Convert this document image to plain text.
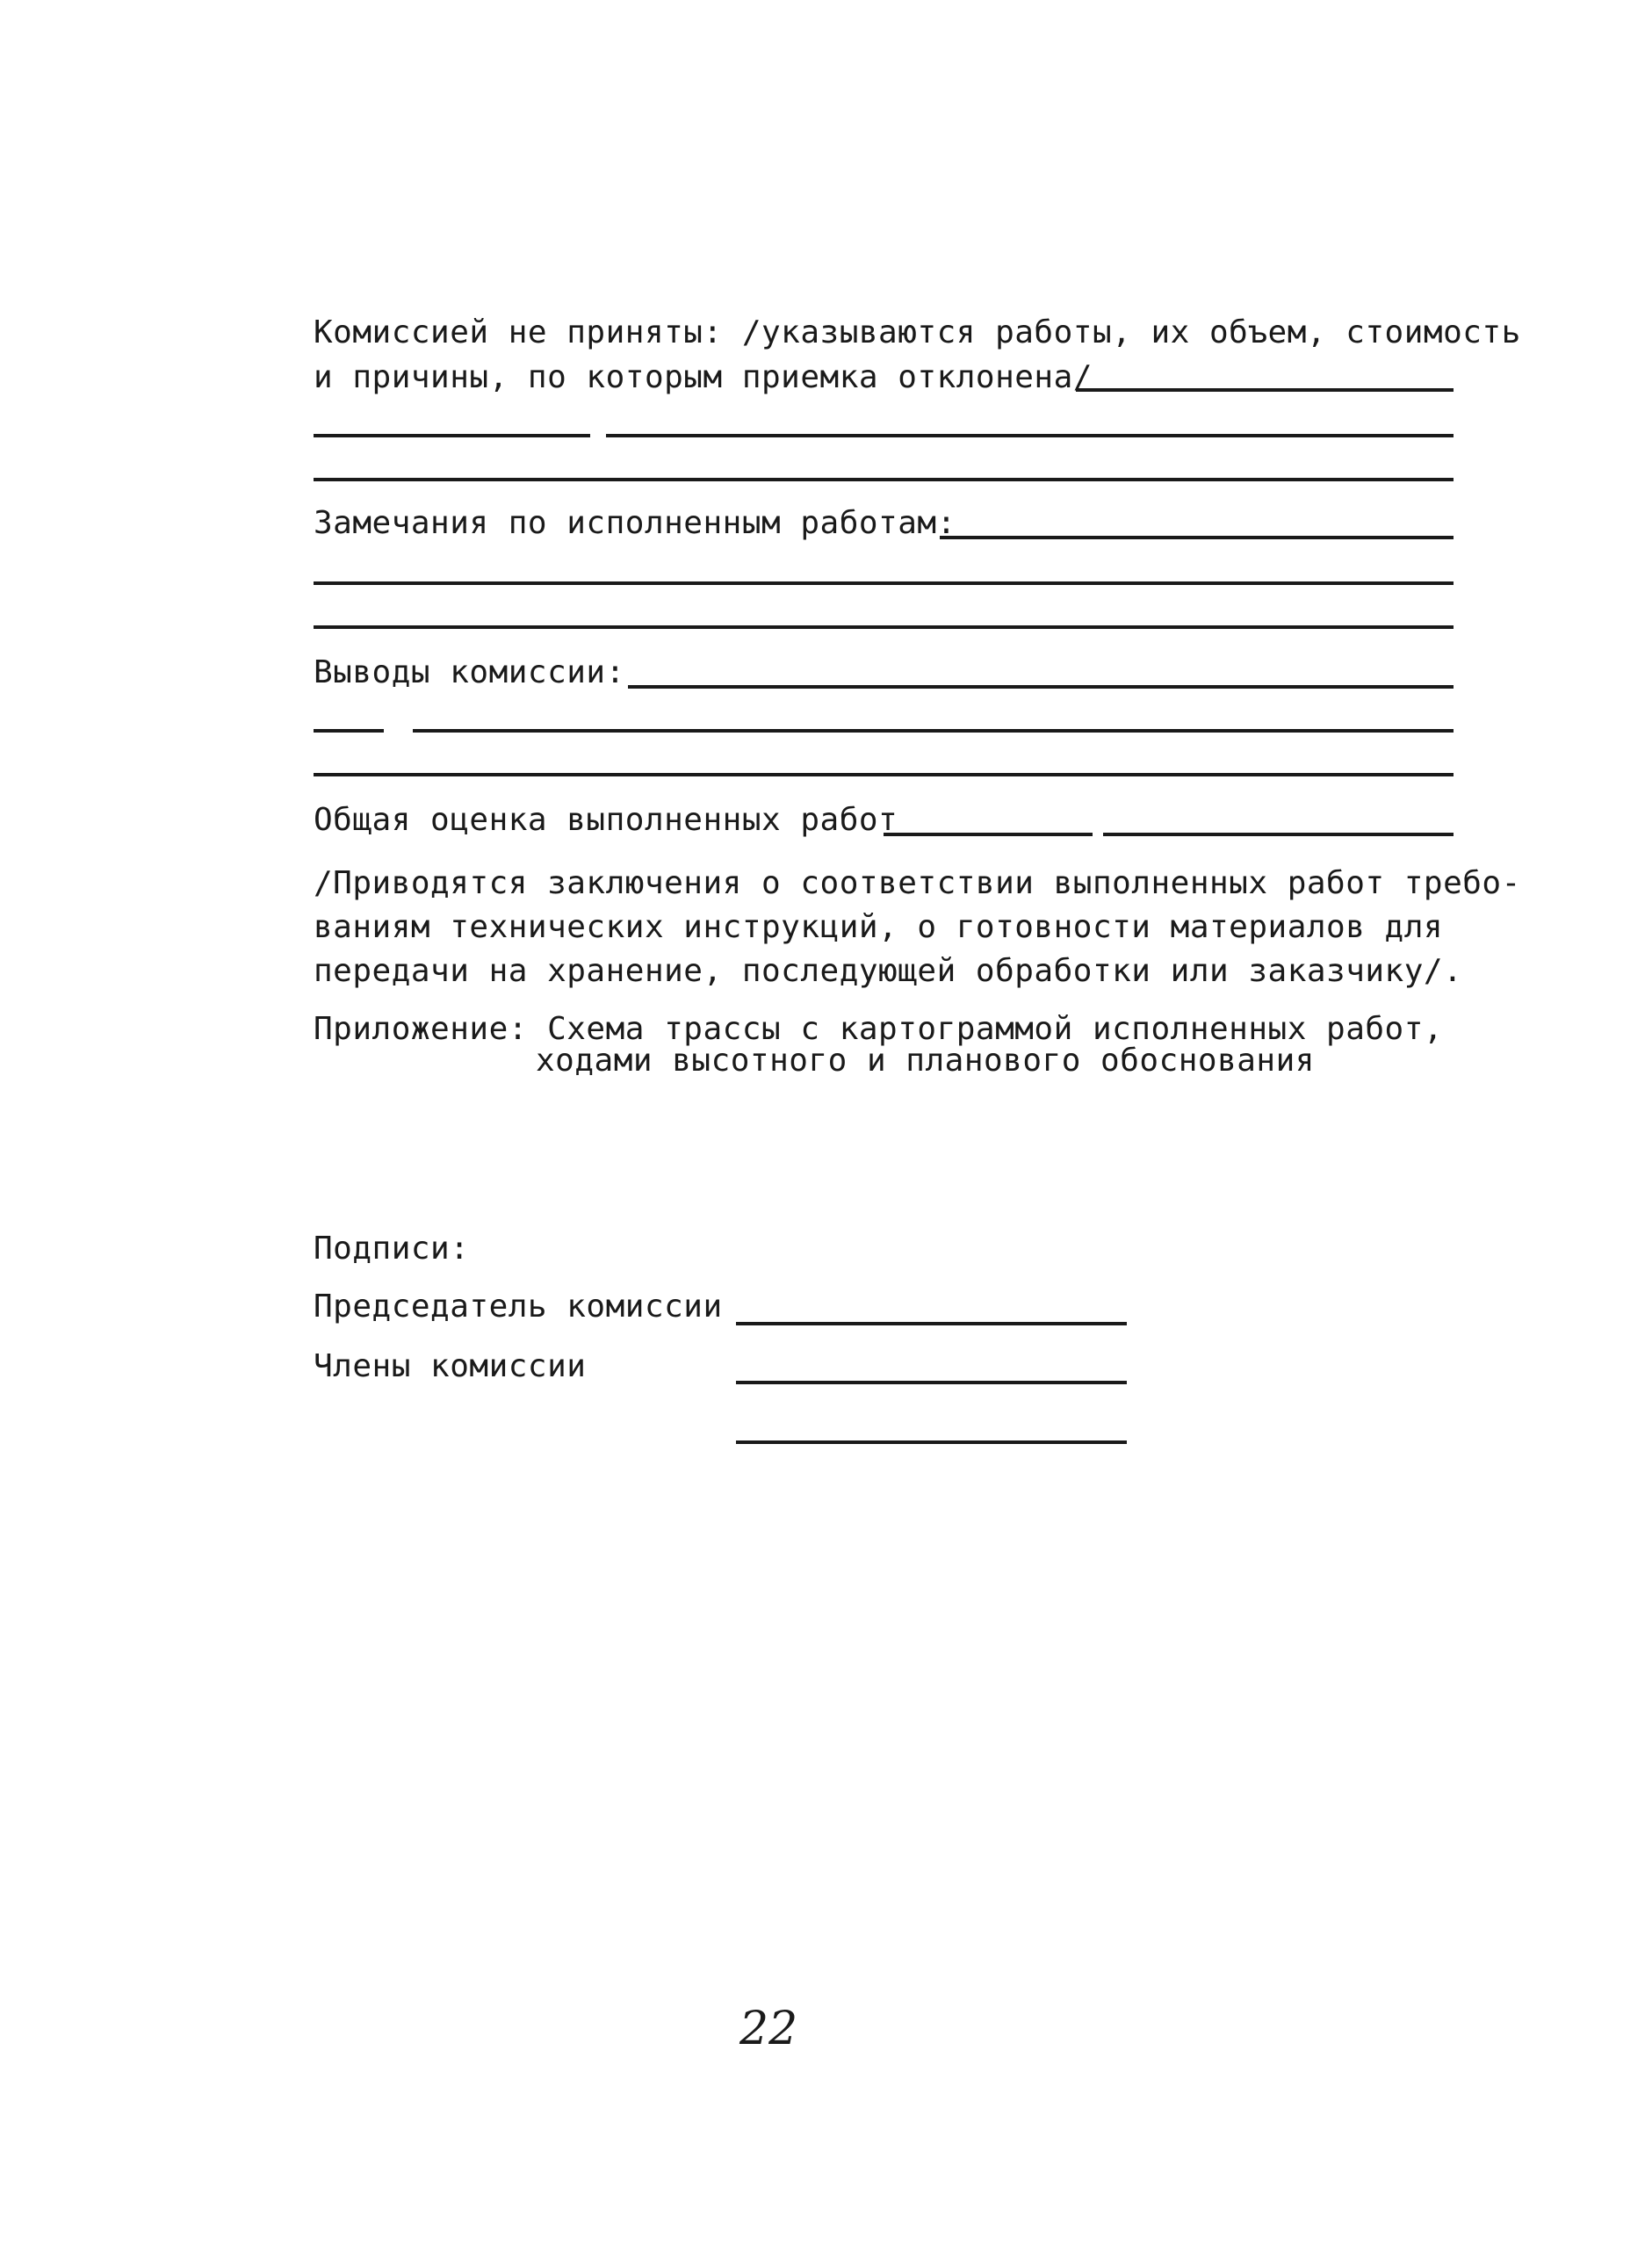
Комиссией не приняты: /указываются работы, их объем, стоимость
и причины, по которым приемка отклонена/
Замечания по исполненным работам:
Выводы комиссии:
Общая оценка выполненных работ
/Приводятся заключения о соответствии выполненных работ требо-
ваниям технических инструкций, о готовности материалов для
передачи на хранение, последующей обработки или заказчику/.
Приложение: Схема трассы с картограммой исполненных работ,
ходами высотного и планового обоснования
Подписи:
Председатель комиссии
Члены комиссии
22
